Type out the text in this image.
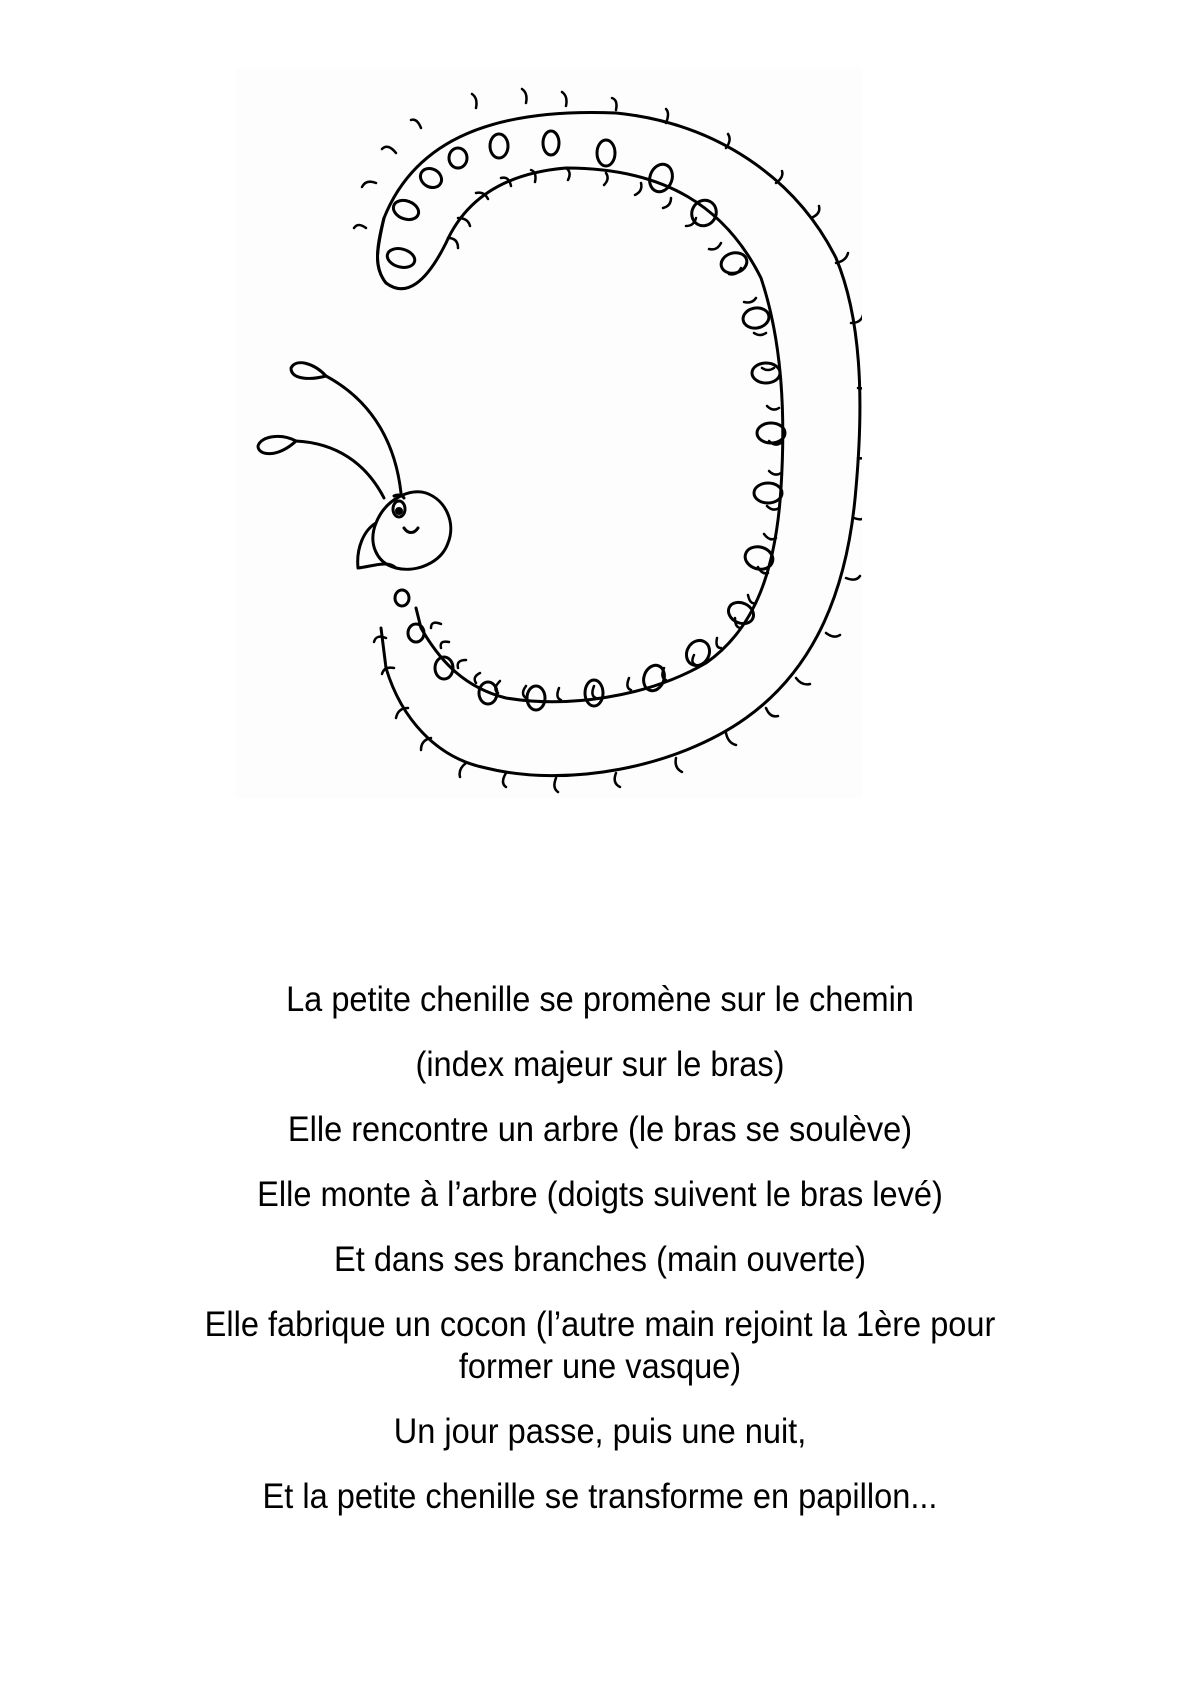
La petite chenille se promène sur le chemin
(index majeur sur le bras)
Elle rencontre un arbre (le bras se soulève)
Elle monte à l’arbre (doigts suivent le bras levé)
Et dans ses branches (main ouverte)
Elle fabrique un cocon (l’autre main rejoint la 1ère pour
former une vasque)
Un jour passe, puis une nuit,
Et la petite chenille se transforme en papillon...
